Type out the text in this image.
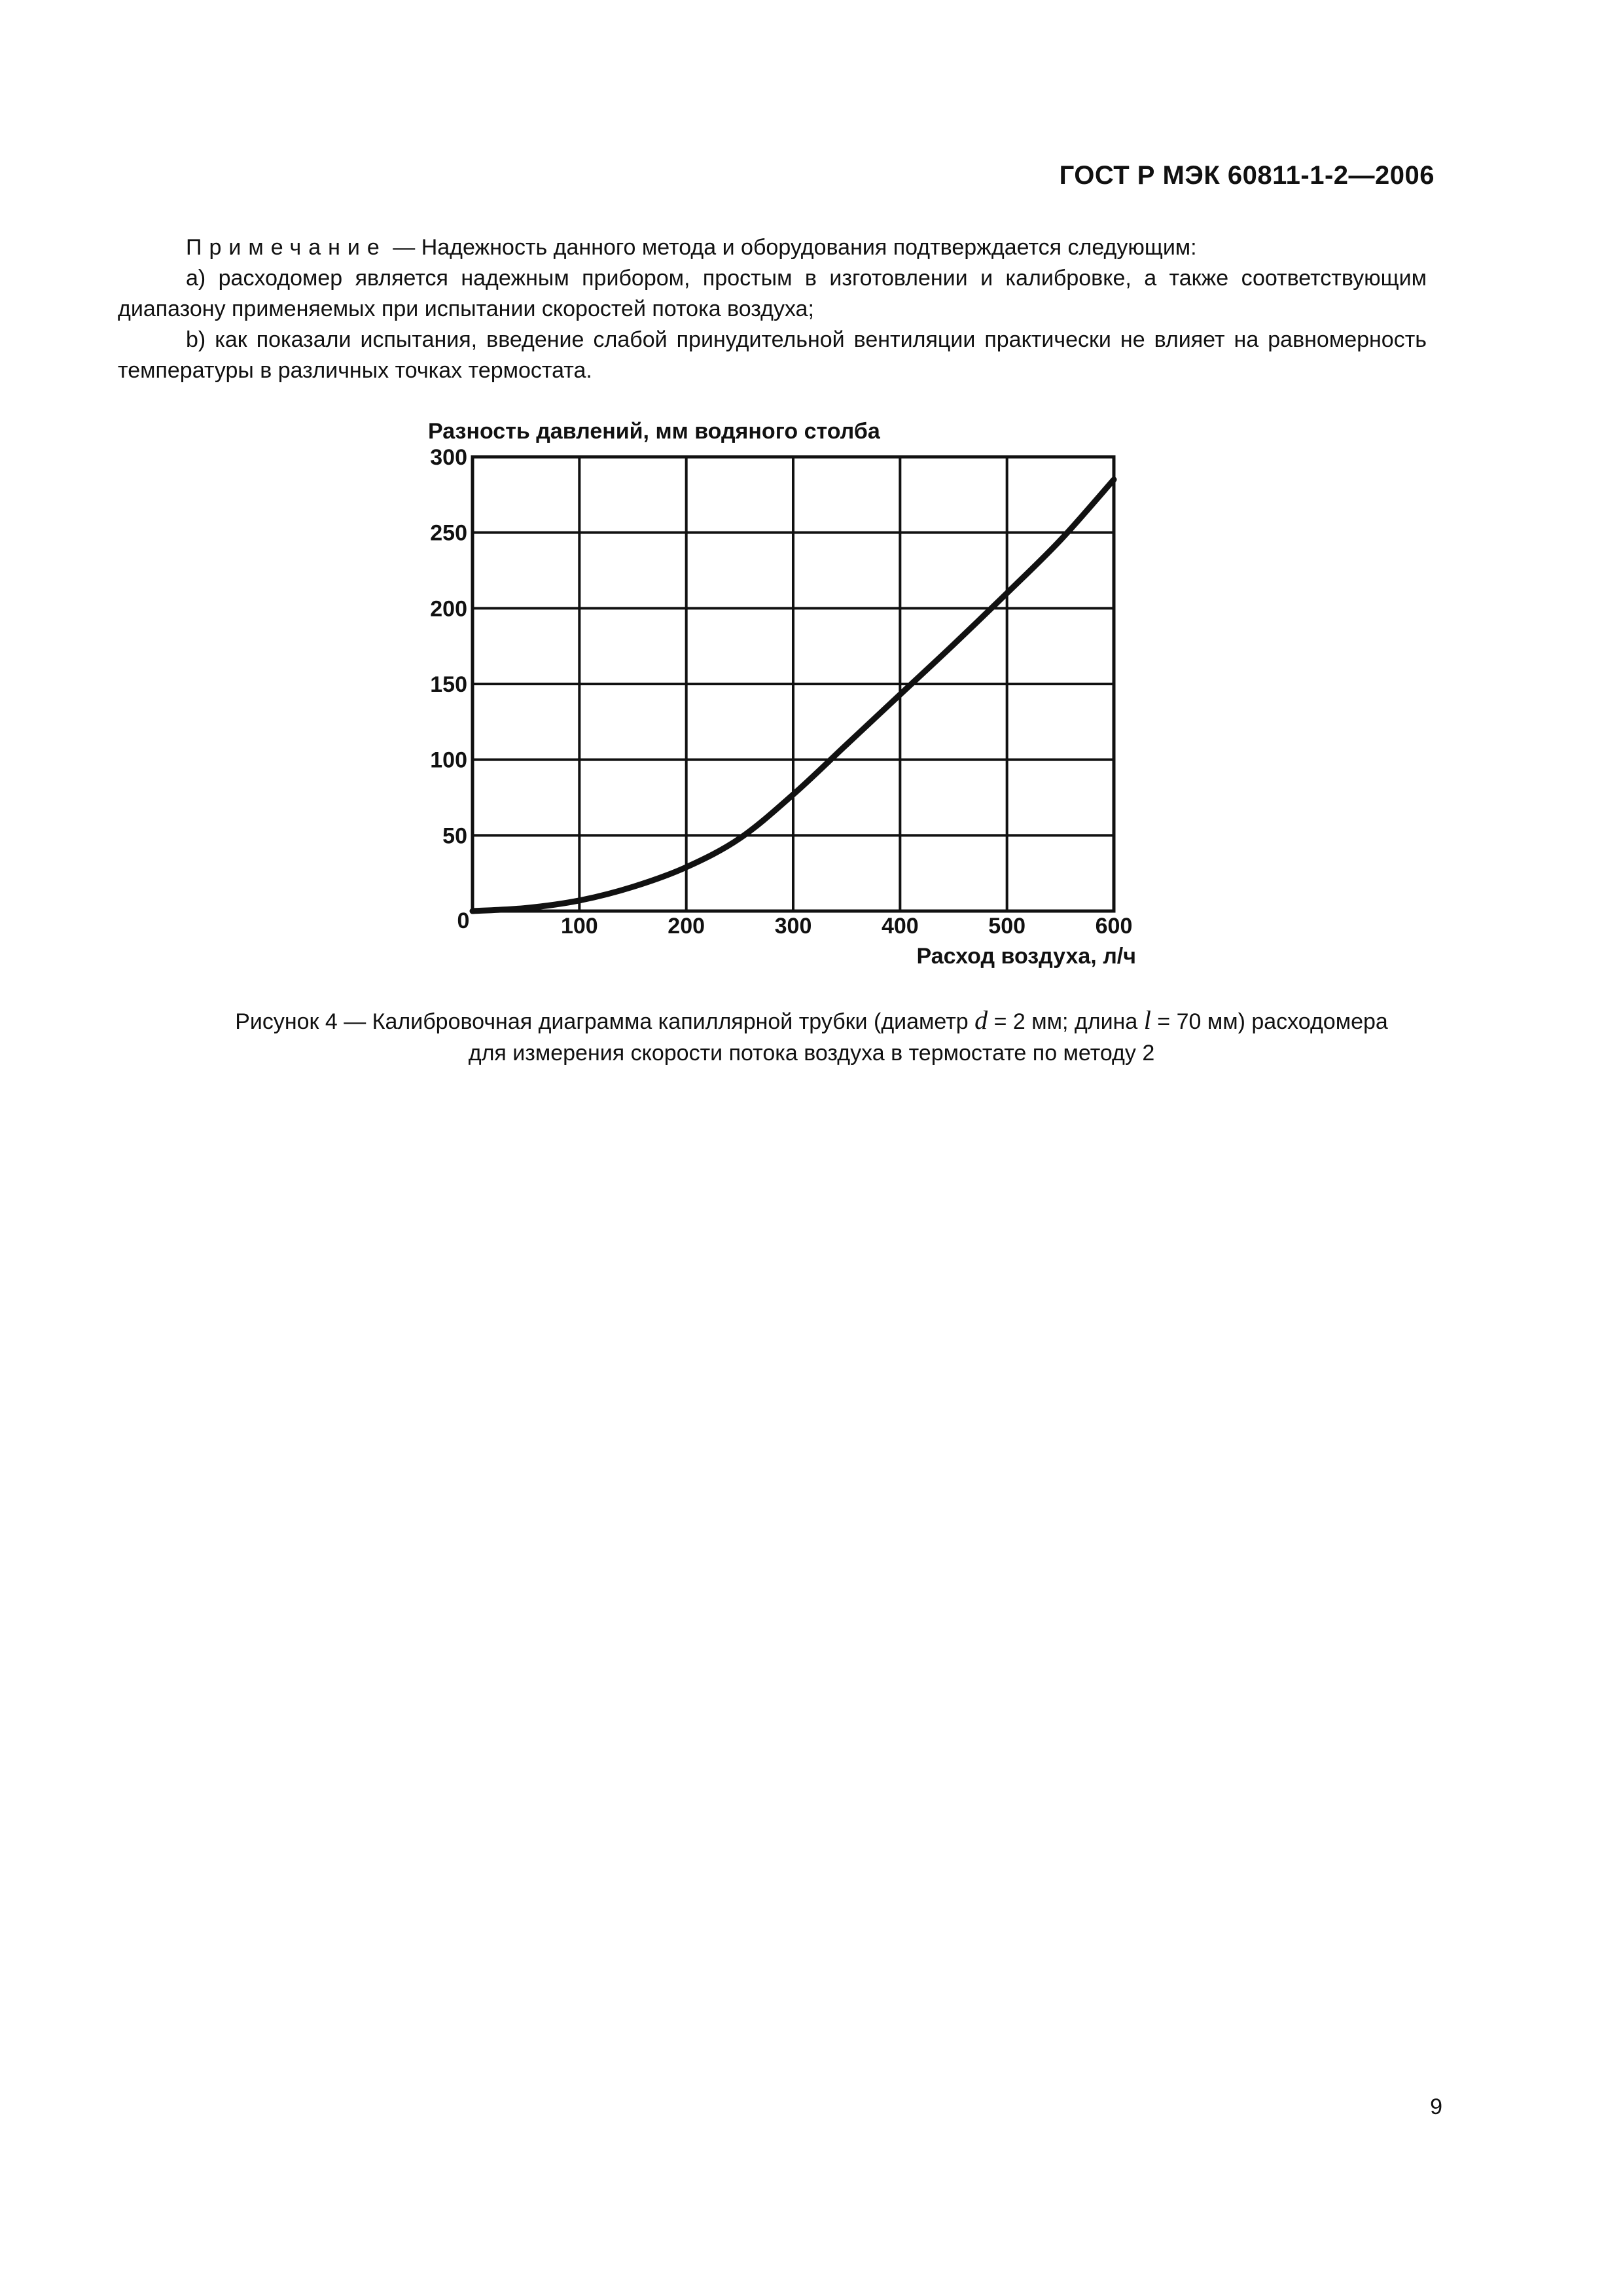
ГОСТ Р МЭК 60811-1-2—2006

Примечание — Надежность данного метода и оборудования подтверждается следующим:

a) расходомер является надежным прибором, простым в изготовлении и калибровке, а также соответствующим диапазону применяемых при испытании скоростей потока воздуха;

b) как показали испытания, введение слабой принудительной вентиляции практически не влияет на равномерность температуры в различных точках термостата.

Разность давлений, мм водяного столба
0	100	200	300	400	500	600
50
100
150
200
250
300
Расход воздуха, л/ч
Рисунок 4 — Калибровочная диаграмма капиллярной трубки (диаметр d = 2 мм; длина l = 70 мм) расходомера
для измерения скорости потока воздуха в термостате по методу 2
9
